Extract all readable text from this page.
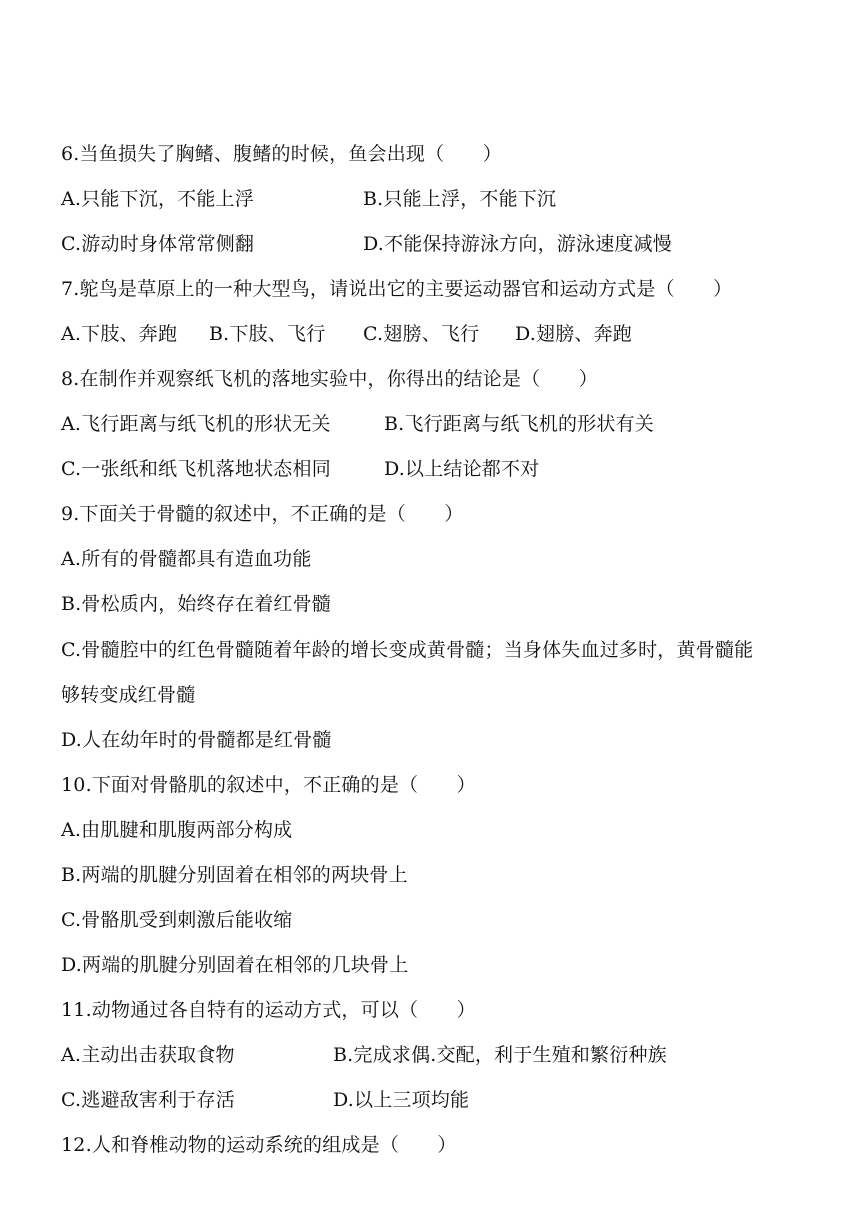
6.当鱼损失了胸鳍、腹鳍的时候，鱼会出现（　　）
A.只能下沉，不能上浮	B.只能上浮，不能下沉
C.游动时身体常常侧翻	D.不能保持游泳方向，游泳速度减慢
7.鸵鸟是草原上的一种大型鸟，请说出它的主要运动器官和运动方式是（　　）
A.下肢、奔跑 B.下肢、飞行 C.翅膀、飞行 D.翅膀、奔跑
8.在制作并观察纸飞机的落地实验中，你得出的结论是（　　）
A.飞行距离与纸飞机的形状无关	B.飞行距离与纸飞机的形状有关
C.一张纸和纸飞机落地状态相同	D.以上结论都不对
9.下面关于骨髓的叙述中，不正确的是（　　）
A.所有的骨髓都具有造血功能
B.骨松质内，始终存在着红骨髓
C.骨髓腔中的红色骨髓随着年龄的增长变成黄骨髓；当身体失血过多时，黄骨髓能
够转变成红骨髓
D.人在幼年时的骨髓都是红骨髓
10.下面对骨骼肌的叙述中，不正确的是（　　）
A.由肌腱和肌腹两部分构成
B.两端的肌腱分别固着在相邻的两块骨上
C.骨骼肌受到刺激后能收缩
D.两端的肌腱分别固着在相邻的几块骨上
11.动物通过各自特有的运动方式，可以（　　）
A.主动出击获取食物	B.完成求偶.交配，利于生殖和繁衍种族
C.逃避敌害利于存活	D.以上三项均能
12.人和脊椎动物的运动系统的组成是（　　）
